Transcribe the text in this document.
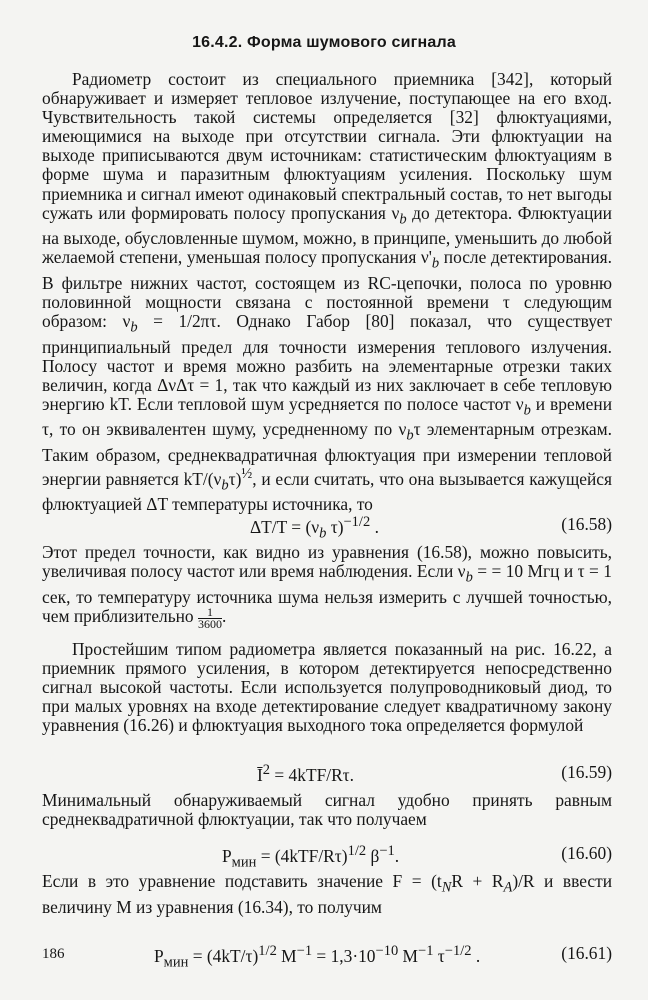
16.4.2. Форма шумового сигнала
Радиометр состоит из специального приемника [342], который обнаруживает и измеряет тепловое излучение, поступающее на его вход. Чувствительность такой системы определяется [32] флюктуациями, имеющимися на выходе при отсутствии сигнала. Эти флюктуации на выходе приписываются двум источникам: статистическим флюктуациям в форме шума и паразитным флюктуациям усиления. Поскольку шум приемника и сигнал имеют одинаковый спектральный состав, то нет выгоды сужать или формировать полосу пропускания $\nu_b$ до детектора. Флюктуации на выходе, обусловленные шумом, можно, в принципе, уменьшить до любой желаемой степени, уменьшая полосу пропускания $\nu'_b$ после детектирования. В фильтре нижних частот, состоящем из RC-цепочки, полоса по уровню половинной мощности связана с постоянной времени τ следующим образом: $\nu_b = 1/2\pi\tau$. Однако Габор [80] показал, что существует принципиальный предел для точности измерения теплового излучения. Полосу частот и время можно разбить на элементарные отрезки таких величин, когда ΔνΔτ = 1, так что каждый из них заключает в себе тепловую энергию kT. Если тепловой шум усредняется по полосе частот $\nu_b$ и времени τ, то он эквивалентен шуму, усредненному по $\nu_b\tau$ элементарным отрезкам. Таким образом, среднеквадратичная флюктуация при измерении тепловой энергии равняется $kT/(\nu_b\tau)^{\frac{1}{2}}$, и если считать, что она вызывается кажущейся флюктуацией ΔT температуры источника, то
$\Delta T/T = (\nu_b$ τ)$^{-1/2}$ .	(16.58)
Этот предел точности, как видно из уравнения (16.58), можно повысить, увеличивая полосу частот или время наблюдения. Если $\nu_b$ = = 10 Мгц и τ = 1 сек, то температуру источника шума нельзя измерить с лучшей точностью, чем приблизительно $\frac{1}{3600}$ .
Простейшим типом радиометра является показанный на рис. 16.22, а приемник прямого усиления, в котором детектируется непосредственно сигнал высокой частоты. Если используется полупроводниковый диод, то при малых уровнях на входе детектирование следует квадратичному закону уравнения (16.26) и флюктуация выходного тока определяется формулой
$Ī^2 = 4kTF/R\tau$.	(16.59)
Минимальный обнаруживаемый сигнал удобно принять равным среднеквадратичной флюктуации, так что получаем
$P_{мин} = (4kTF/R\tau)^{1/2}$ $\beta^{-1}$.	(16.60)
Если в это уравнение подставить значение $F = (t_NR + R_A)/R$ и ввести величину M из уравнения (16.34), то получим
$P_{мин} = (4kT/\tau)^{1/2}$ $M^{-1} = 1,3\cdot 10^{-10}$ $M^{-1}$ $\tau^{-1/2}$ .	(16.61)
186
